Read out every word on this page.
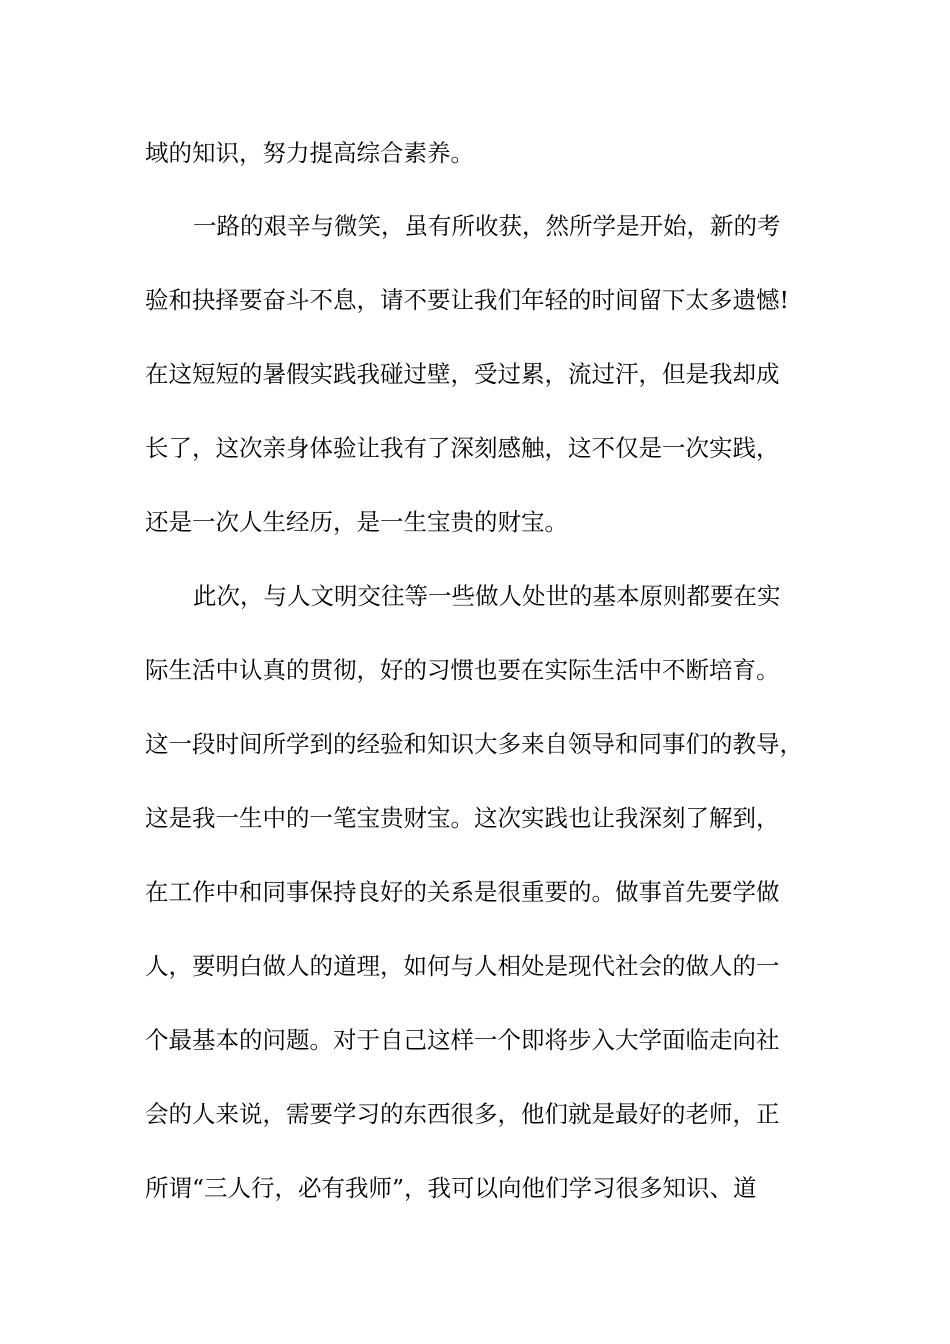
域的知识，努力提高综合素养。
一路的艰辛与微笑，虽有所收获，然所学是开始，新的考
验和抉择要奋斗不息，请不要让我们年轻的时间留下太多遗憾!
在这短短的暑假实践我碰过壁，受过累，流过汗，但是我却成
长了，这次亲身体验让我有了深刻感触，这不仅是一次实践，
还是一次人生经历，是一生宝贵的财宝。
此次，与人文明交往等一些做人处世的基本原则都要在实
际生活中认真的贯彻，好的习惯也要在实际生活中不断培育。
这一段时间所学到的经验和知识大多来自领导和同事们的教导，
这是我一生中的一笔宝贵财宝。这次实践也让我深刻了解到，
在工作中和同事保持良好的关系是很重要的。做事首先要学做
人，要明白做人的道理，如何与人相处是现代社会的做人的一
个最基本的问题。对于自己这样一个即将步入大学面临走向社
会的人来说，需要学习的东西很多，他们就是最好的老师，正
所谓“三人行，必有我师”，我可以向他们学习很多知识、道
